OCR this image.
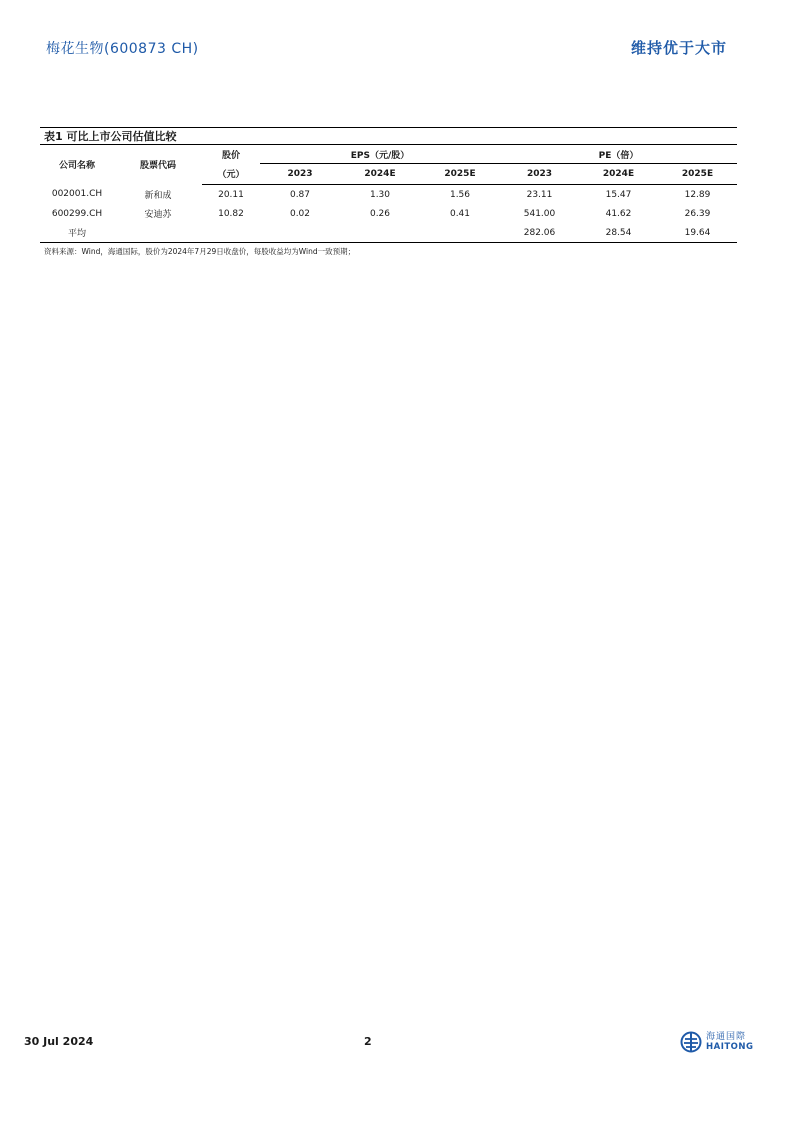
梅花生物(600873 CH)	维持优于大市
表1 可比上市公司估值比较
公司名称	股票代码	股价	EPS（元/股）			PE（倍）		
		（元）	2023	2024E	2025E	2023	2024E	2025E
002001.CH	新和成	20.11	0.87	1.30	1.56	23.11	15.47	12.89
600299.CH	安迪苏	10.82	0.02	0.26	0.41	541.00	41.62	26.39
平均						282.06	28.54	19.64
资料来源：Wind，海通国际，股价为2024年7月29日收盘价，每股收益均为Wind一致预期；
30 Jul 2024	2	海通国際
HAITONG
